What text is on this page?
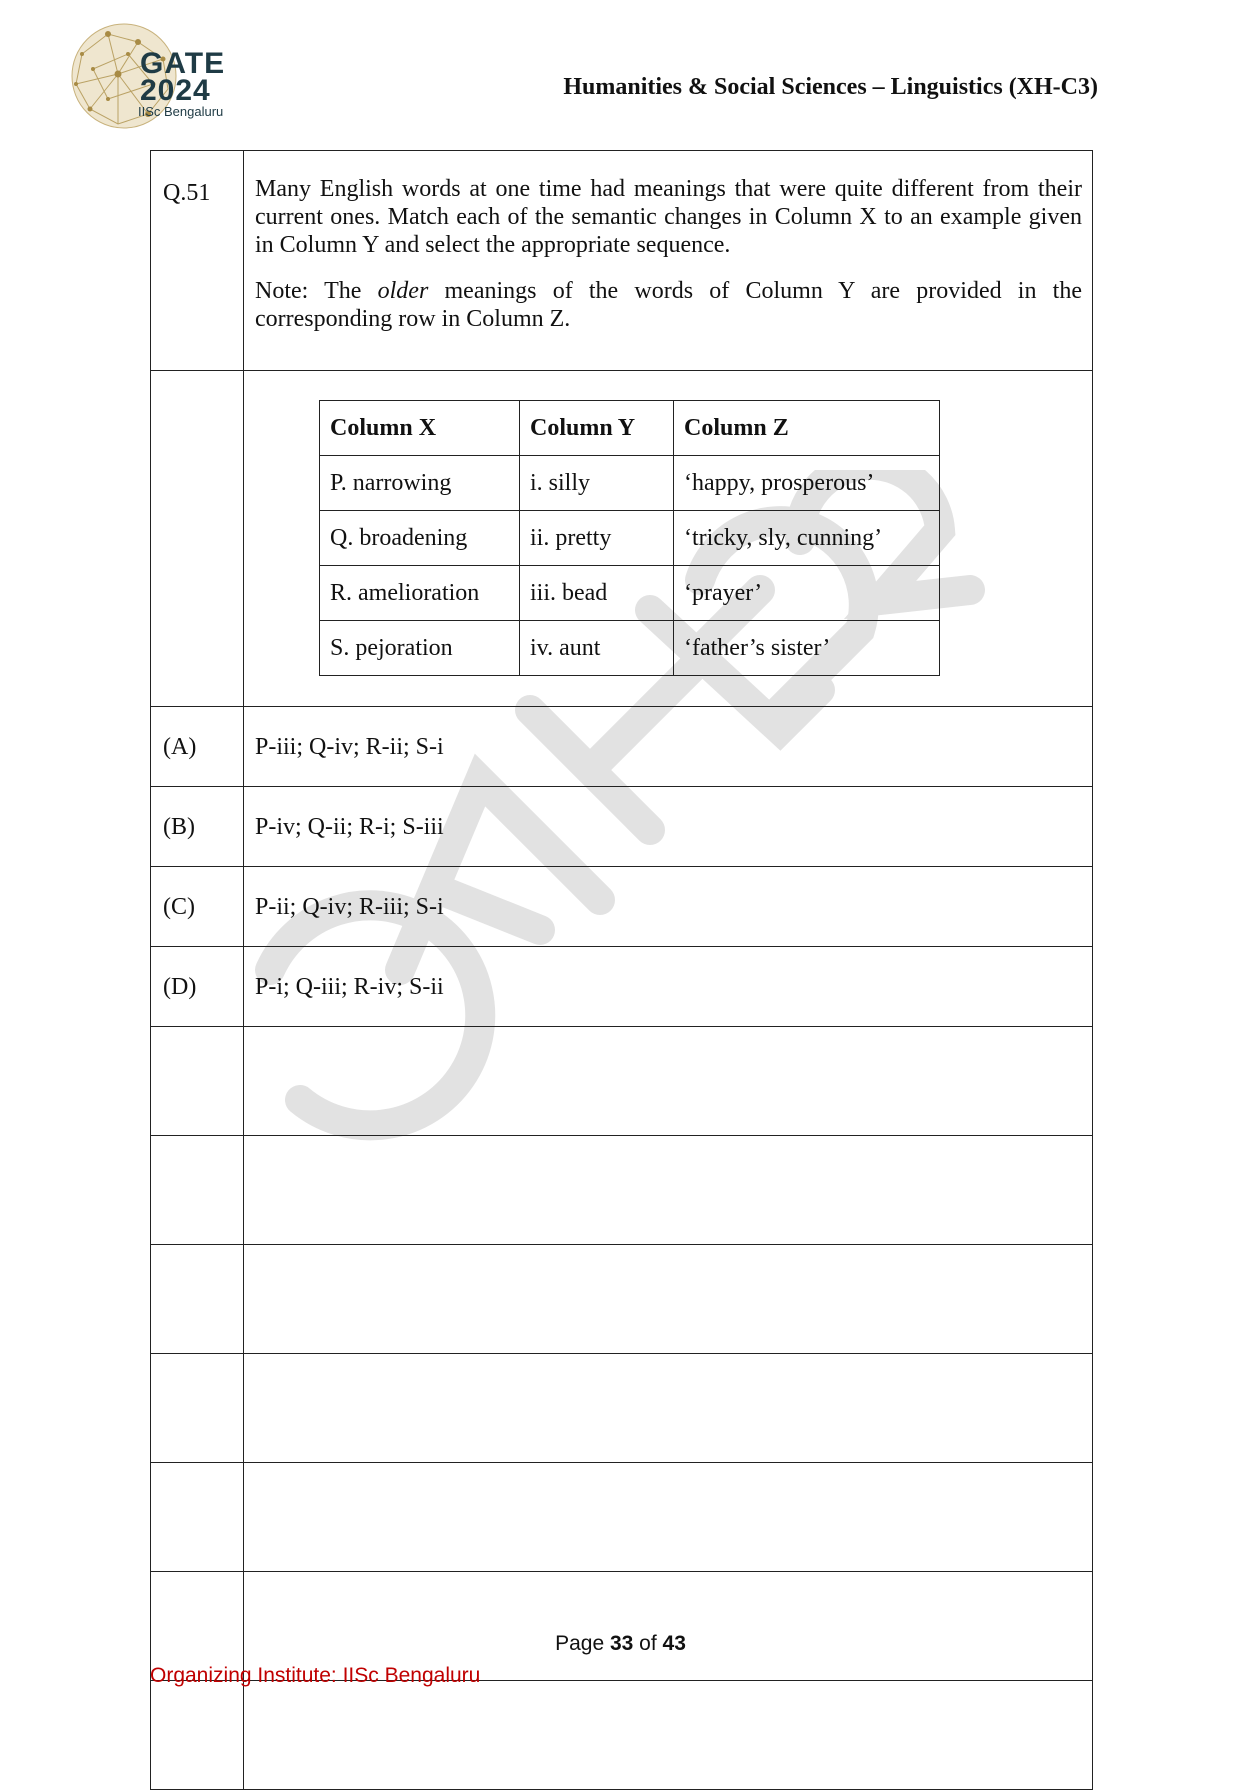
GATE
2024
IISc Bengaluru
Humanities & Social Sciences – Linguistics (XH-C3)
Q.51	Many English words at one time had meanings that were quite different from their current ones. Match each of the semantic changes in Column X to an example given in Column Y and select the appropriate sequence.

Note: The older meanings of the words of Column Y are provided in the corresponding row in Column Z.

Column X	Column Y	Column Z
P. narrowing	i. silly	‘happy, prosperous’
Q. broadening	ii. pretty	‘tricky, sly, cunning’
R. amelioration	iii. bead	‘prayer’
S. pejoration	iv. aunt	‘father’s sister’

(A)	P-iii; Q-iv; R-ii; S-i
(B)	P-iv; Q-ii; R-i; S-iii
(C)	P-ii; Q-iv; R-iii; S-i
(D)	P-i; Q-iii; R-iv; S-ii

Page 33 of 43
Organizing Institute: IISc Bengaluru
